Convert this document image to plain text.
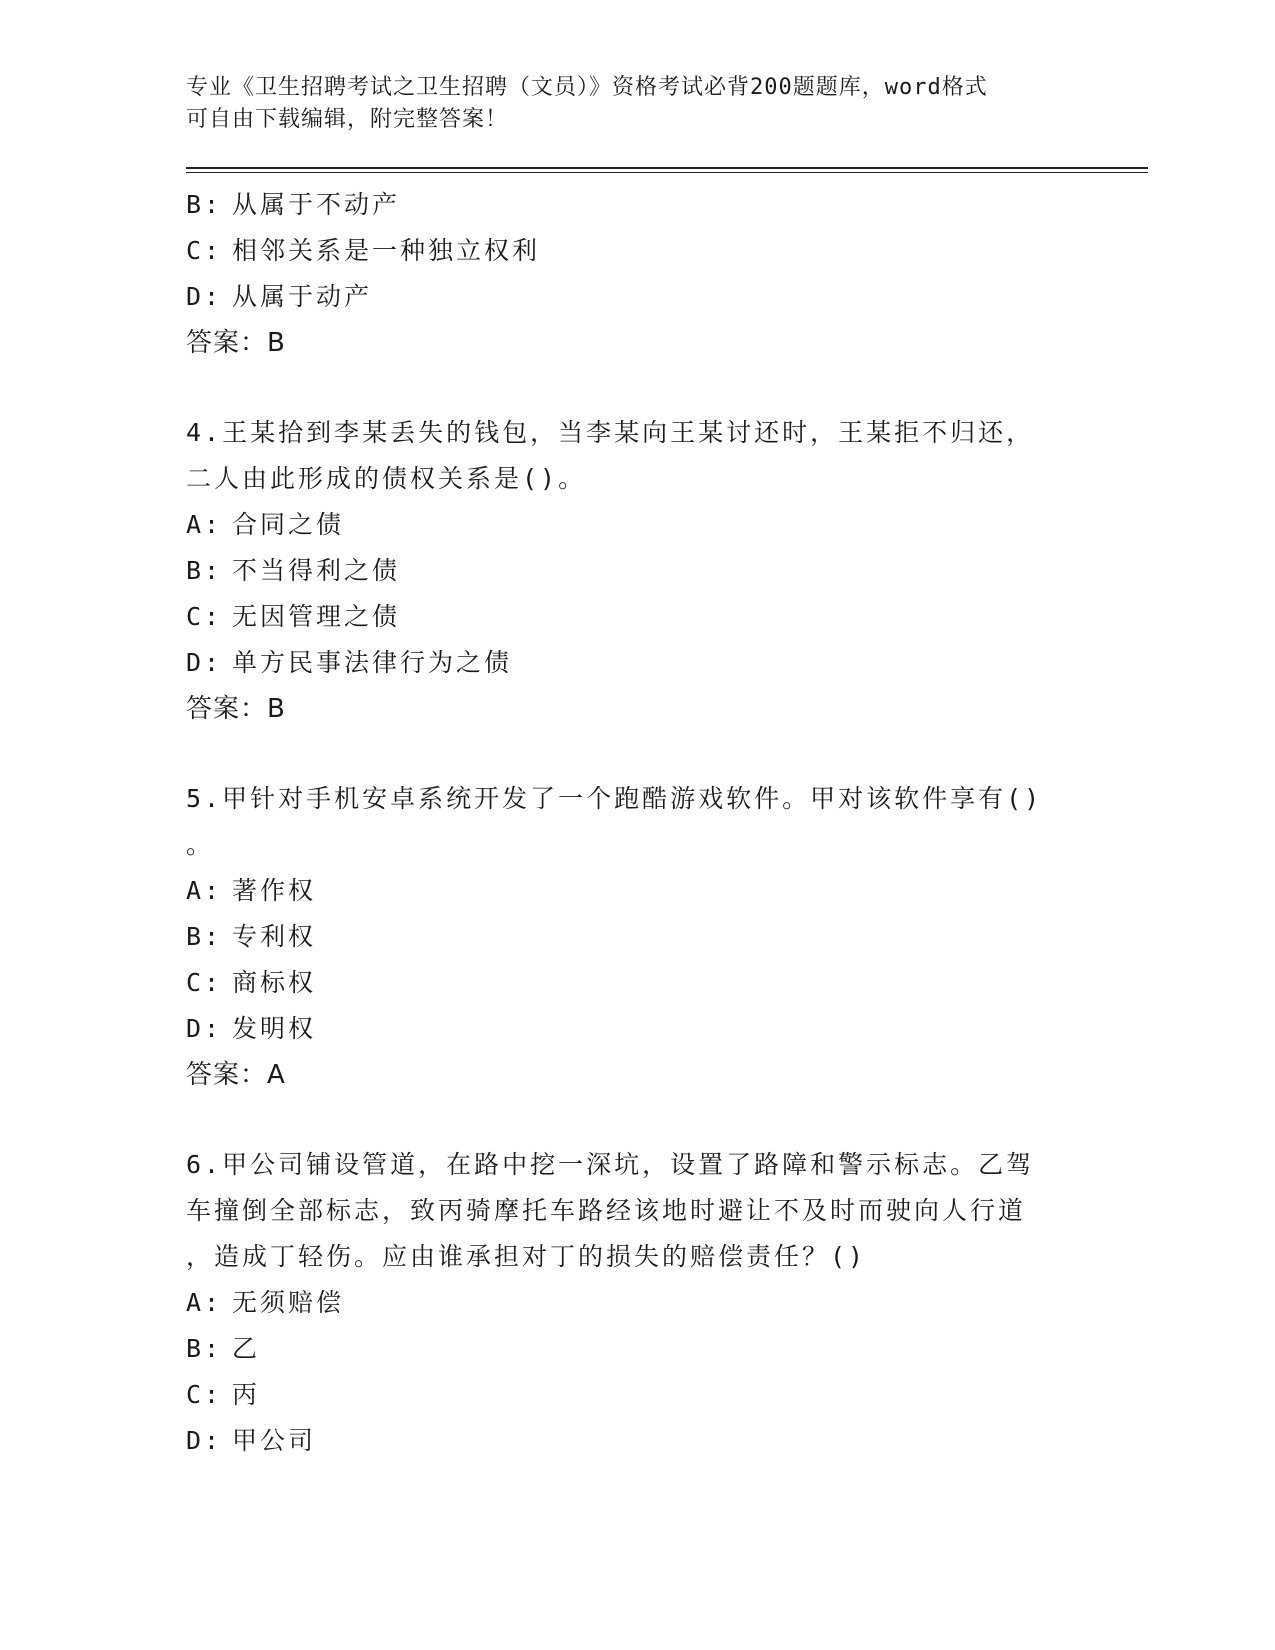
专业《卫生招聘考试之卫生招聘（文员）》资格考试必背200题题库，word格式

可自由下载编辑，附完整答案！

B: 从属于不动产
C: 相邻关系是一种独立权利
D: 从属于动产
答案：B
4.王某拾到李某丢失的钱包，当李某向王某讨还时，王某拒不归还，
二人由此形成的债权关系是()。
A: 合同之债
B: 不当得利之债
C: 无因管理之债
D: 单方民事法律行为之债
答案：B
5.甲针对手机安卓系统开发了一个跑酷游戏软件。甲对该软件享有()
。
A: 著作权
B: 专利权
C: 商标权
D: 发明权
答案：A
6.甲公司铺设管道，在路中挖一深坑，设置了路障和警示标志。乙驾
车撞倒全部标志，致丙骑摩托车路经该地时避让不及时而驶向人行道
，造成丁轻伤。应由谁承担对丁的损失的赔偿责任？()
A: 无须赔偿
B: 乙
C: 丙
D: 甲公司
